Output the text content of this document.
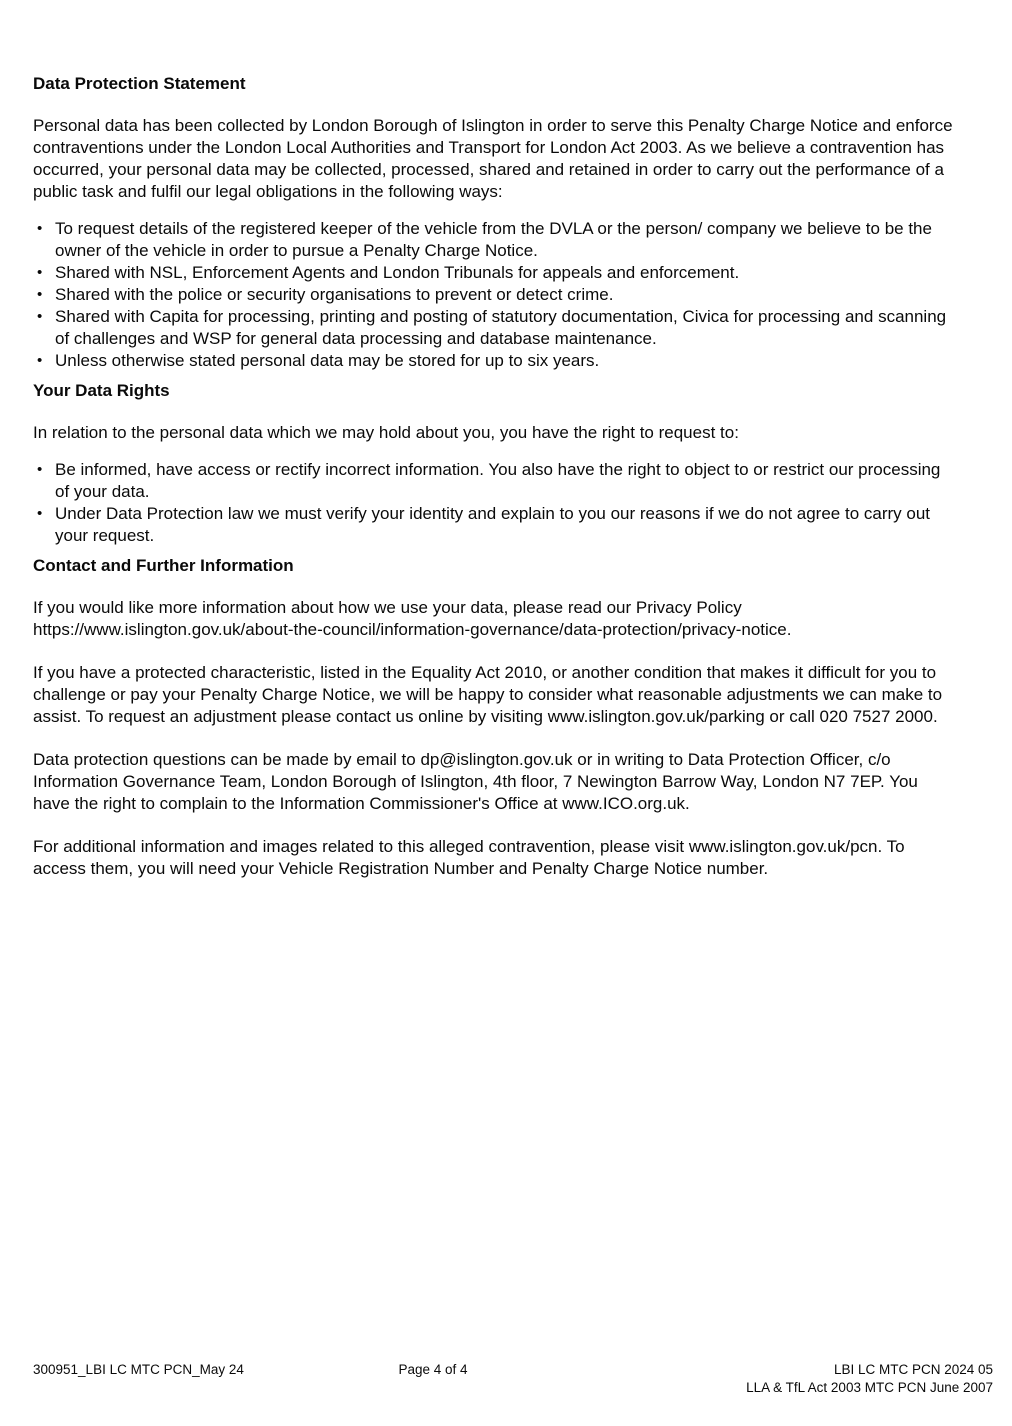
Data Protection Statement

Personal data has been collected by London Borough of Islington in order to serve this Penalty Charge Notice and enforce contraventions under the London Local Authorities and Transport for London Act 2003. As we believe a contravention has occurred, your personal data may be collected, processed, shared and retained in order to carry out the performance of a public task and fulfil our legal obligations in the following ways:

• To request details of the registered keeper of the vehicle from the DVLA or the person/ company we believe to be the owner of the vehicle in order to pursue a Penalty Charge Notice.
• Shared with NSL, Enforcement Agents and London Tribunals for appeals and enforcement.
• Shared with the police or security organisations to prevent or detect crime.
• Shared with Capita for processing, printing and posting of statutory documentation, Civica for processing and scanning of challenges and WSP for general data processing and database maintenance.
• Unless otherwise stated personal data may be stored for up to six years.
Your Data Rights

In relation to the personal data which we may hold about you, you have the right to request to:

• Be informed, have access or rectify incorrect information. You also have the right to object to or restrict our processing of your data.
• Under Data Protection law we must verify your identity and explain to you our reasons if we do not agree to carry out your request.
Contact and Further Information

If you would like more information about how we use your data, please read our Privacy Policy https://www.islington.gov.uk/about-the-council/information-governance/data-protection/privacy-notice.

If you have a protected characteristic, listed in the Equality Act 2010, or another condition that makes it difficult for you to challenge or pay your Penalty Charge Notice, we will be happy to consider what reasonable adjustments we can make to assist. To request an adjustment please contact us online by visiting www.islington.gov.uk/parking or call 020 7527 2000.

Data protection questions can be made by email to dp@islington.gov.uk or in writing to Data Protection Officer, c/o Information Governance Team, London Borough of Islington, 4th floor, 7 Newington Barrow Way, London N7 7EP. You have the right to complain to the Information Commissioner's Office at www.ICO.org.uk.

For additional information and images related to this alleged contravention, please visit www.islington.gov.uk/pcn. To access them, you will need your Vehicle Registration Number and Penalty Charge Notice number.

300951_LBI LC MTC PCN_May 24	Page 4 of 4	LBI LC MTC PCN 2024 05
LLA & TfL Act 2003 MTC PCN June 2007
